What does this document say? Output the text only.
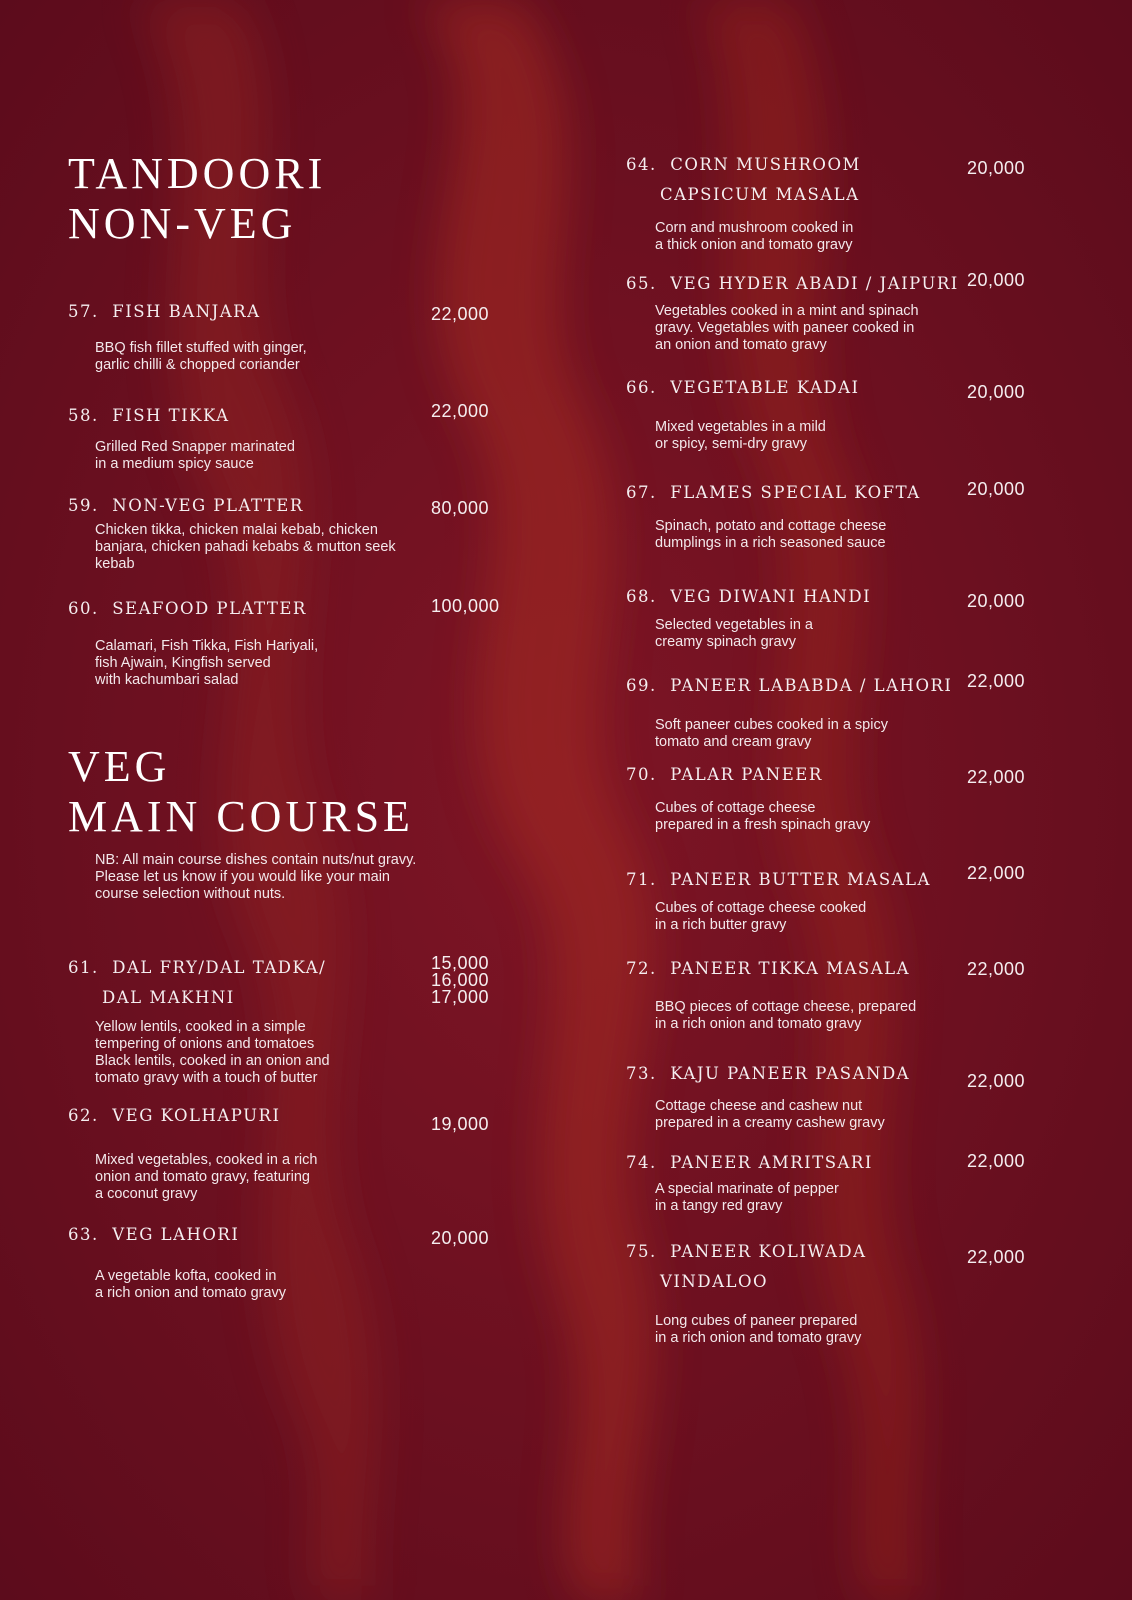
TANDOORI
NON-VEG
57. FISH BANJARA	22,000
BBQ fish fillet stuffed with ginger,
garlic chilli & chopped coriander
58. FISH TIKKA	22,000
Grilled Red Snapper marinated
in a medium spicy sauce
59. NON-VEG PLATTER	80,000
Chicken tikka, chicken malai kebab, chicken
banjara, chicken pahadi kebabs & mutton seek
kebab
60. SEAFOOD PLATTER	100,000
Calamari, Fish Tikka, Fish Hariyali,
fish Ajwain, Kingfish served
with kachumbari salad
VEG
MAIN COURSE
NB: All main course dishes contain nuts/nut gravy.
Please let us know if you would like your main
course selection without nuts.
61. DAL FRY/DAL TADKA/
DAL MAKHNI
15,000
16,000
17,000
Yellow lentils, cooked in a simple
tempering of onions and tomatoes
Black lentils, cooked in an onion and
tomato gravy with a touch of butter
62. VEG KOLHAPURI	19,000
Mixed vegetables, cooked in a rich
onion and tomato gravy, featuring
a coconut gravy
63. VEG LAHORI	20,000
A vegetable kofta, cooked in
a rich onion and tomato gravy
64. CORN MUSHROOM
CAPSICUM MASALA
20,000
Corn and mushroom cooked in
a thick onion and tomato gravy
65. VEG HYDER ABADI / JAIPURI 20,000
Vegetables cooked in a mint and spinach
gravy. Vegetables with paneer cooked in
an onion and tomato gravy
66. VEGETABLE KADAI	20,000
Mixed vegetables in a mild
or spicy, semi-dry gravy
67. FLAMES SPECIAL KOFTA	20,000
Spinach, potato and cottage cheese
dumplings in a rich seasoned sauce
68. VEG DIWANI HANDI	20,000
Selected vegetables in a
creamy spinach gravy
69. PANEER LABABDA / LAHORI 22,000
Soft paneer cubes cooked in a spicy
tomato and cream gravy
70. PALAR PANEER	22,000
Cubes of cottage cheese
prepared in a fresh spinach gravy
71. PANEER BUTTER MASALA 22,000
Cubes of cottage cheese cooked
in a rich butter gravy
72. PANEER TIKKA MASALA	22,000
BBQ pieces of cottage cheese, prepared
in a rich onion and tomato gravy
73. KAJU PANEER PASANDA	22,000
Cottage cheese and cashew nut
prepared in a creamy cashew gravy
74. PANEER AMRITSARI	22,000
A special marinate of pepper
in a tangy red gravy
75. PANEER KOLIWADA
VINDALOO
22,000
Long cubes of paneer prepared
in a rich onion and tomato gravy
